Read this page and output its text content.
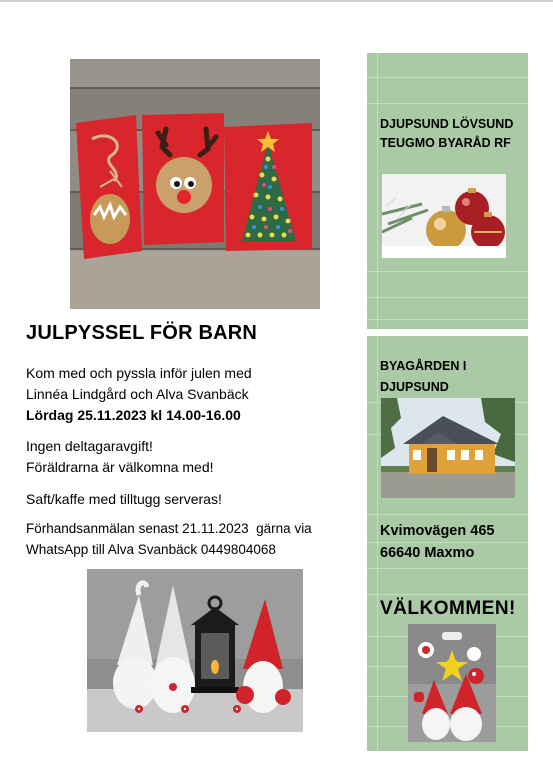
JULPYSSEL FÖR BARN
Kom med och pyssla inför julen med
Linnéa Lindgård och Alva Svanbäck
Lördag 25.11.2023 kl 14.00-16.00
Ingen deltagaravgift!
Föräldrarna är välkomna med!
Saft/kaffe med tilltugg serveras!
Förhandsanmälan senast 21.11.2023  gärna via
WhatsApp till Alva Svanbäck 0449804068
DJUPSUND LÖVSUND
TEUGMO BYARÅD RF
BYAGÅRDEN I
DJUPSUND
Kvimovägen 465
66640 Maxmo
VÄLKOMMEN!
